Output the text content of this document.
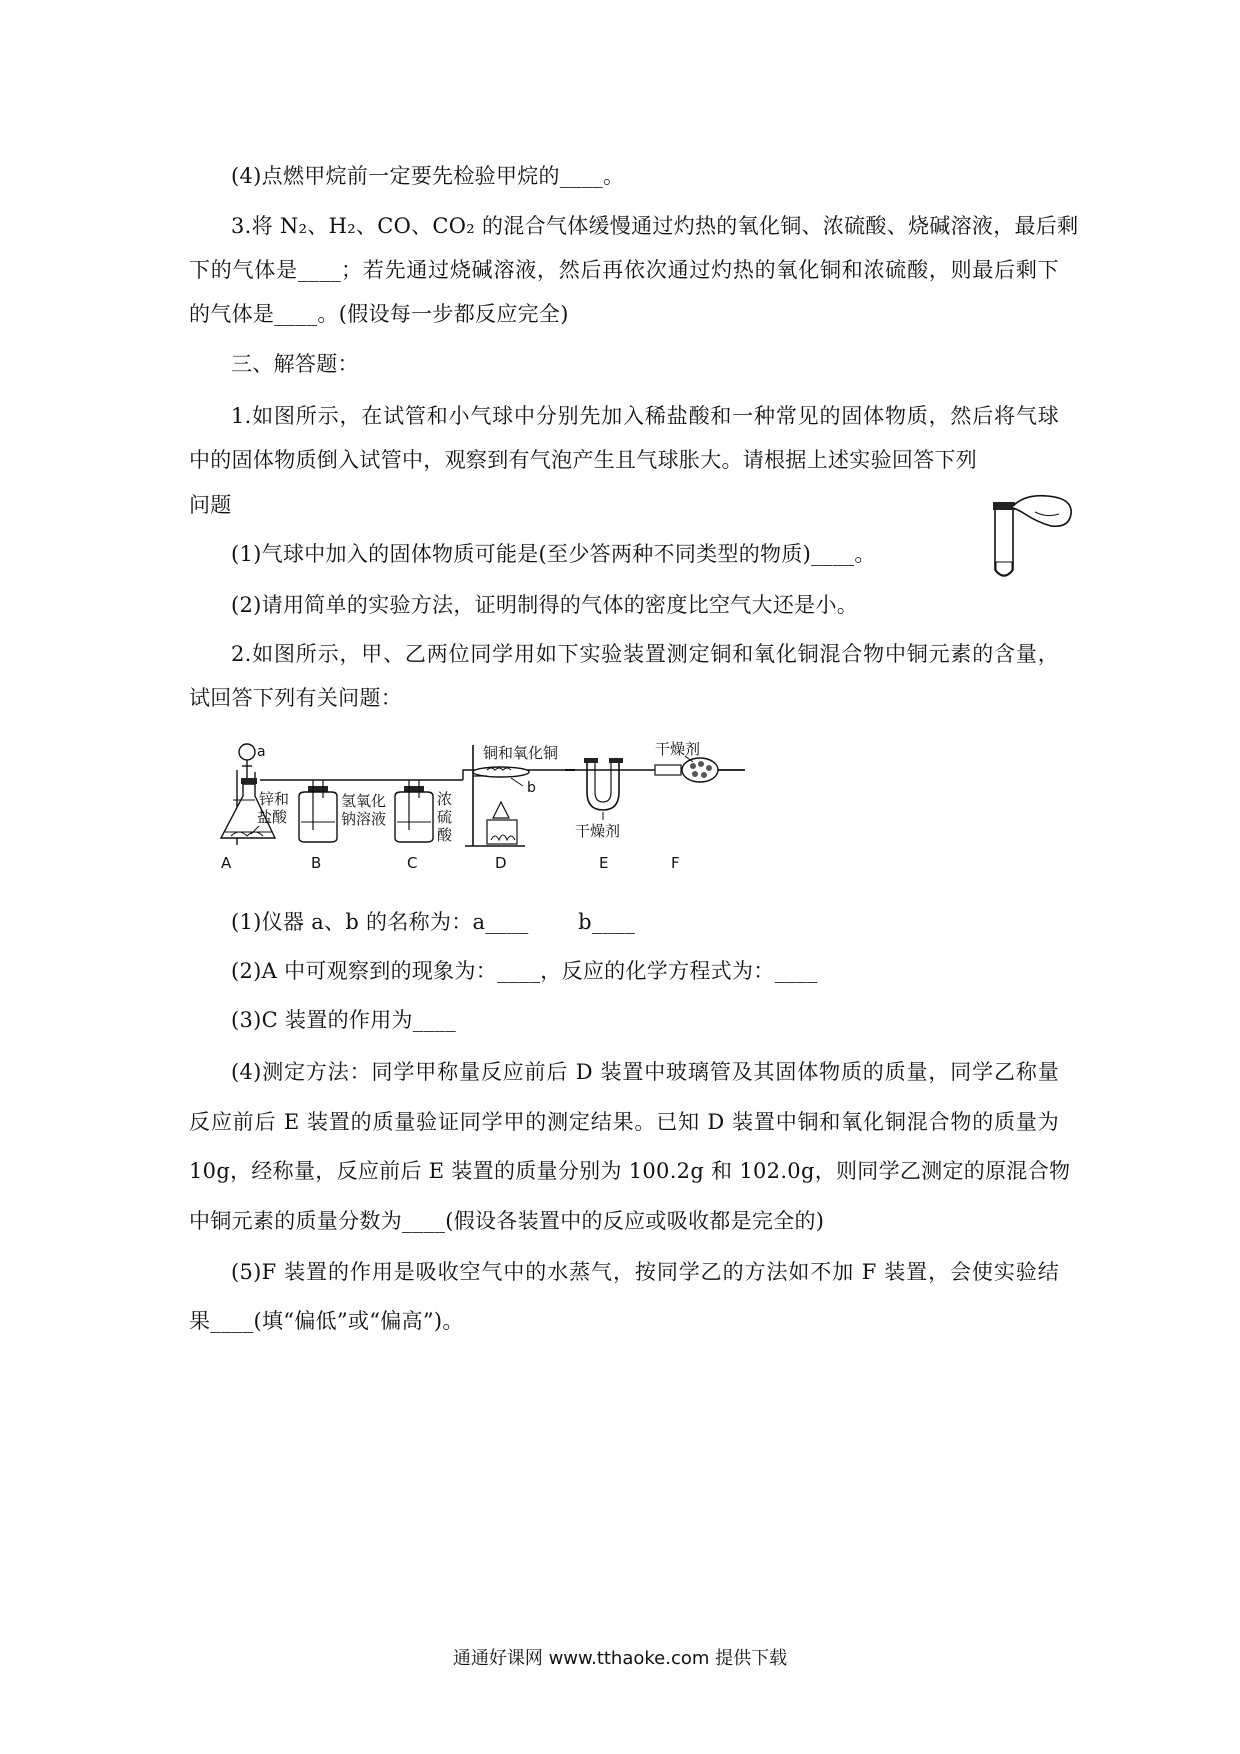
(4)点燃甲烷前一定要先检验甲烷的____。
3.将 N₂、H₂、CO、CO₂ 的混合气体缓慢通过灼热的氧化铜、浓硫酸、烧碱溶液，最后剩
下的气体是____；若先通过烧碱溶液，然后再依次通过灼热的氧化铜和浓硫酸，则最后剩下
的气体是____。(假设每一步都反应完全)
三、解答题：
1.如图所示，在试管和小气球中分别先加入稀盐酸和一种常见的固体物质，然后将气球
中的固体物质倒入试管中，观察到有气泡产生且气球胀大。请根据上述实验回答下列
问题
(1)气球中加入的固体物质可能是(至少答两种不同类型的物质)____。
(2)请用简单的实验方法，证明制得的气体的密度比空气大还是小。
2.如图所示，甲、乙两位同学用如下实验装置测定铜和氧化铜混合物中铜元素的含量，
试回答下列有关问题：
(1)仪器 a、b 的名称为：a____　　 b____
(2)A 中可观察到的现象为：____，反应的化学方程式为：____
(3)C 装置的作用为____
(4)测定方法：同学甲称量反应前后 D 装置中玻璃管及其固体物质的质量，同学乙称量
反应前后 E 装置的质量验证同学甲的测定结果。已知 D 装置中铜和氧化铜混合物的质量为
10g，经称量，反应前后 E 装置的质量分别为 100.2g 和 102.0g，则同学乙测定的原混合物
中铜元素的质量分数为____(假设各装置中的反应或吸收都是完全的)
(5)F 装置的作用是吸收空气中的水蒸气，按同学乙的方法如不加 F 装置，会使实验结
果____(填“偏低”或“偏高”)。
a
锌和
盐酸
氢氧化
钠溶液
浓
硫
酸
铜和氧化铜
b
干燥剂
干燥剂
A	B	C	D	E	F
通通好课网 www.tthaoke.com 提供下载
